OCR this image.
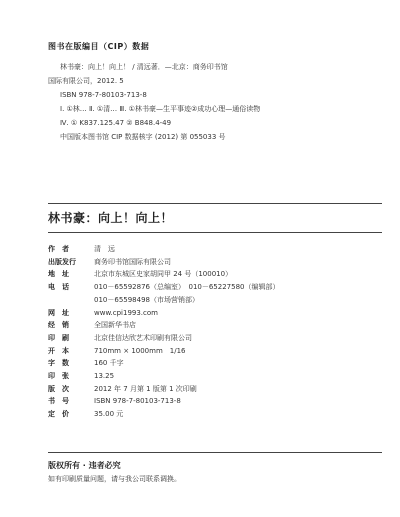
图书在版编目（CIP）数据
林书豪：向上！向上！ / 清远著．—北京：商务印书馆
国际有限公司，2012. 5
ISBN 978-7-80103-713-8
Ⅰ. ①林… Ⅱ. ①清… Ⅲ. ①林书豪—生平事迹②成功心理—通俗读物
Ⅳ. ① K837.125.47 ② B848.4-49
中国版本图书馆 CIP 数据核字 (2012) 第 055033 号
林书豪：向上！向上！
作　者	清　远
出版发行	商务印书馆国际有限公司
地　址	北京市东城区史家胡同甲 24 号（100010）
电　话	010－65592876（总编室）　010－65227580（编辑部）
010－65598498（市场营销部）
网　址	www.cpi1993.com
经　销	全国新华书店
印　刷	北京佳信达欣艺术印刷有限公司
开　本	710mm × 1000mm　1/16
字　数	160 千字
印　张	13.25
版　次	2012 年 7 月第 1 版第 1 次印刷
书　号	ISBN 978-7-80103-713-8
定　价	35.00 元
版权所有 · 违者必究
如有印刷质量问题，请与我公司联系调换。
